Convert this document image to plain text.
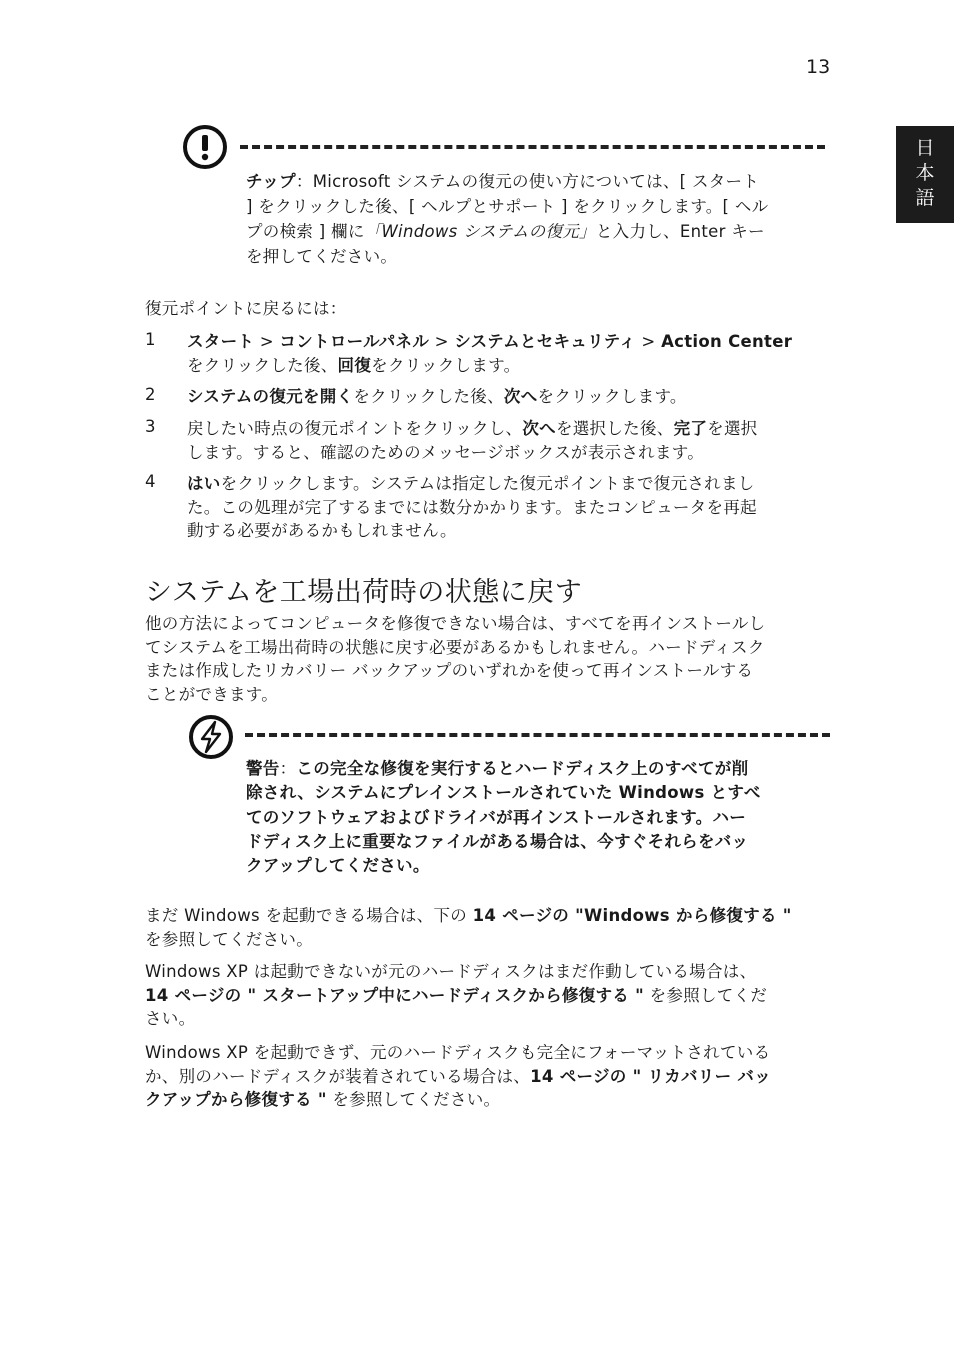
13
日
本
語
チップ：Microsoft システムの復元の使い方については、[ スタート
] をクリックした後、[ ヘルプとサポート ] をクリックします。[ ヘル
プの検索 ] 欄に「Windows システムの復元」と入力し、Enter キー
を押してください。
復元ポイントに戻るには：
1 スタート > コントロールパネル > システムとセキュリティ > Action Center
をクリックした後、回復をクリックします。
2 システムの復元を開くをクリックした後、次へをクリックします。
3 戻したい時点の復元ポイントをクリックし、次へを選択した後、完了を選択
します。すると、確認のためのメッセージボックスが表示されます。
4 はいをクリックします。システムは指定した復元ポイントまで復元されまし
た。この処理が完了するまでには数分かかります。またコンピュータを再起
動する必要があるかもしれません。
システムを工場出荷時の状態に戻す
他の方法によってコンピュータを修復できない場合は、すべてを再インストールし
てシステムを工場出荷時の状態に戻す必要があるかもしれません。ハードディスク
または作成したリカバリー バックアップのいずれかを使って再インストールする
ことができます。
警告：この完全な修復を実行するとハードディスク上のすべてが削
除され、システムにプレインストールされていた Windows とすべ
てのソフトウェアおよびドライバが再インストールされます。ハー
ドディスク上に重要なファイルがある場合は、今すぐそれらをバッ
クアップしてください。
まだ Windows を起動できる場合は、下の 14 ページの "Windows から修復する "
を参照してください。
Windows XP は起動できないが元のハードディスクはまだ作動している場合は、
14 ページの " スタートアップ中にハードディスクから修復する " を参照してくだ
さい。
Windows XP を起動できず、元のハードディスクも完全にフォーマットされている
か、別のハードディスクが装着されている場合は、14 ページの " リカバリー バッ
クアップから修復する " を参照してください。
